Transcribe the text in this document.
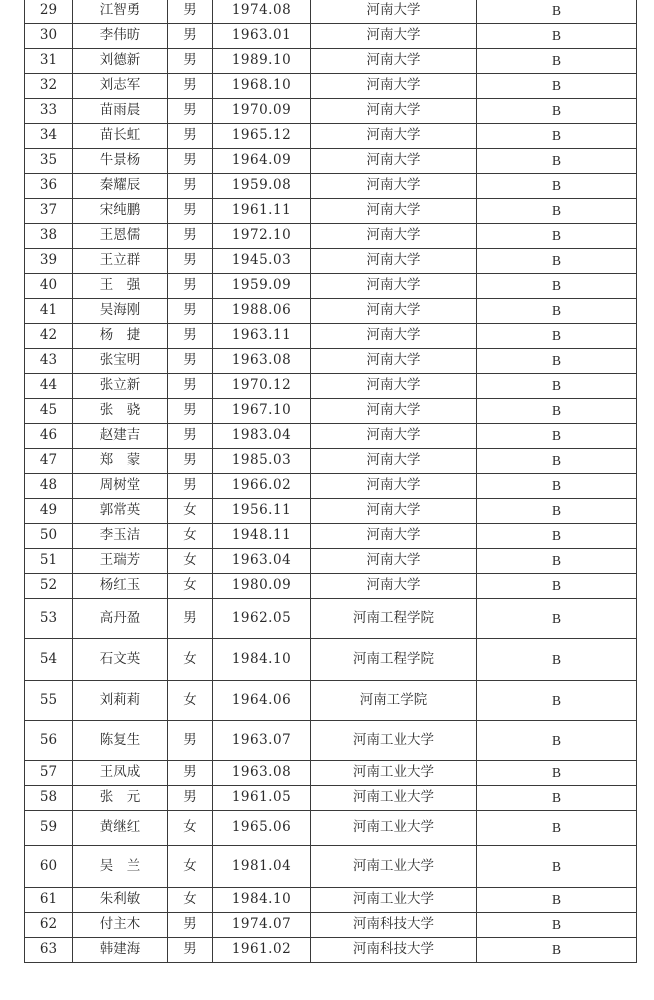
29	江智勇	男	1974.08	河南大学	B
30	李伟昉	男	1963.01	河南大学	B
31	刘德新	男	1989.10	河南大学	B
32	刘志军	男	1968.10	河南大学	B
33	苗雨晨	男	1970.09	河南大学	B
34	苗长虹	男	1965.12	河南大学	B
35	牛景杨	男	1964.09	河南大学	B
36	秦耀辰	男	1959.08	河南大学	B
37	宋纯鹏	男	1961.11	河南大学	B
38	王恩儒	男	1972.10	河南大学	B
39	王立群	男	1945.03	河南大学	B
40	王　强	男	1959.09	河南大学	B
41	吴海刚	男	1988.06	河南大学	B
42	杨　捷	男	1963.11	河南大学	B
43	张宝明	男	1963.08	河南大学	B
44	张立新	男	1970.12	河南大学	B
45	张　骁	男	1967.10	河南大学	B
46	赵建吉	男	1983.04	河南大学	B
47	郑　蒙	男	1985.03	河南大学	B
48	周树堂	男	1966.02	河南大学	B
49	郭常英	女	1956.11	河南大学	B
50	李玉洁	女	1948.11	河南大学	B
51	王瑞芳	女	1963.04	河南大学	B
52	杨红玉	女	1980.09	河南大学	B
53	高丹盈	男	1962.05	河南工程学院	B
54	石文英	女	1984.10	河南工程学院	B
55	刘莉莉	女	1964.06	河南工学院	B
56	陈复生	男	1963.07	河南工业大学	B
57	王凤成	男	1963.08	河南工业大学	B
58	张　元	男	1961.05	河南工业大学	B
59	黄继红	女	1965.06	河南工业大学	B
60	吴　兰	女	1981.04	河南工业大学	B
61	朱利敏	女	1984.10	河南工业大学	B
62	付主木	男	1974.07	河南科技大学	B
63	韩建海	男	1961.02	河南科技大学	B
